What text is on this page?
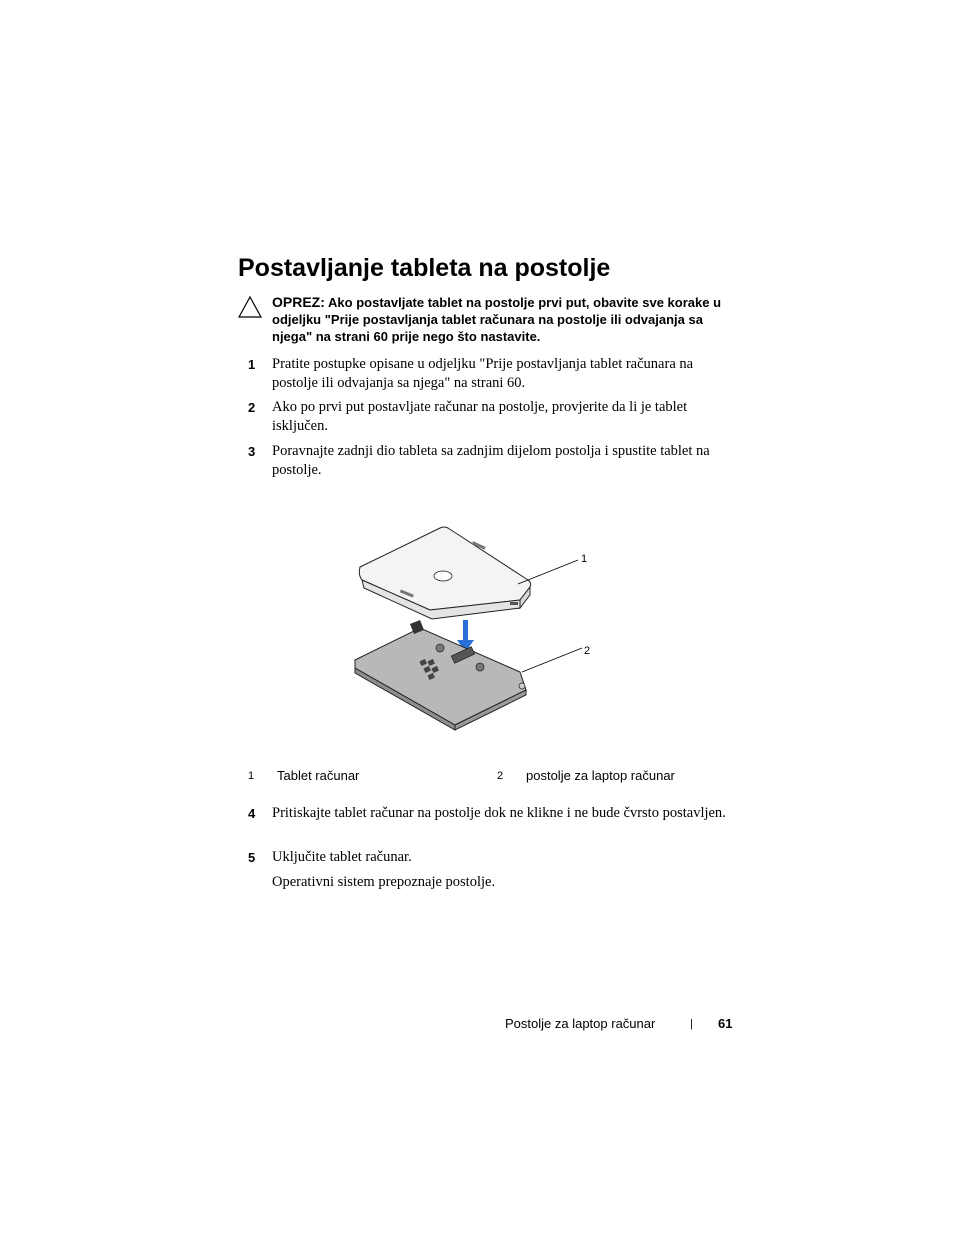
Postavljanje tableta na postolje
OPREZ: Ako postavljate tablet na postolje prvi put, obavite sve korake u odjeljku "Prije postavljanja tablet računara na postolje ili odvajanja sa njega" na strani 60 prije nego što nastavite.
1 Pratite postupke opisane u odjeljku "Prije postavljanja tablet računara na postolje ili odvajanja sa njega" na strani 60.
2 Ako po prvi put postavljate računar na postolje, provjerite da li je tablet isključen.
3 Poravnajte zadnji dio tableta sa zadnjim dijelom postolja i spustite tablet na postolje.
1
2
1 Tablet računar	2 postolje za laptop računar
4 Pritiskajte tablet računar na postolje dok ne klikne i ne bude čvrsto postavljen.
5 Uključite tablet računar.
Operativni sistem prepoznaje postolje.
Postolje za laptop računar	| 61
